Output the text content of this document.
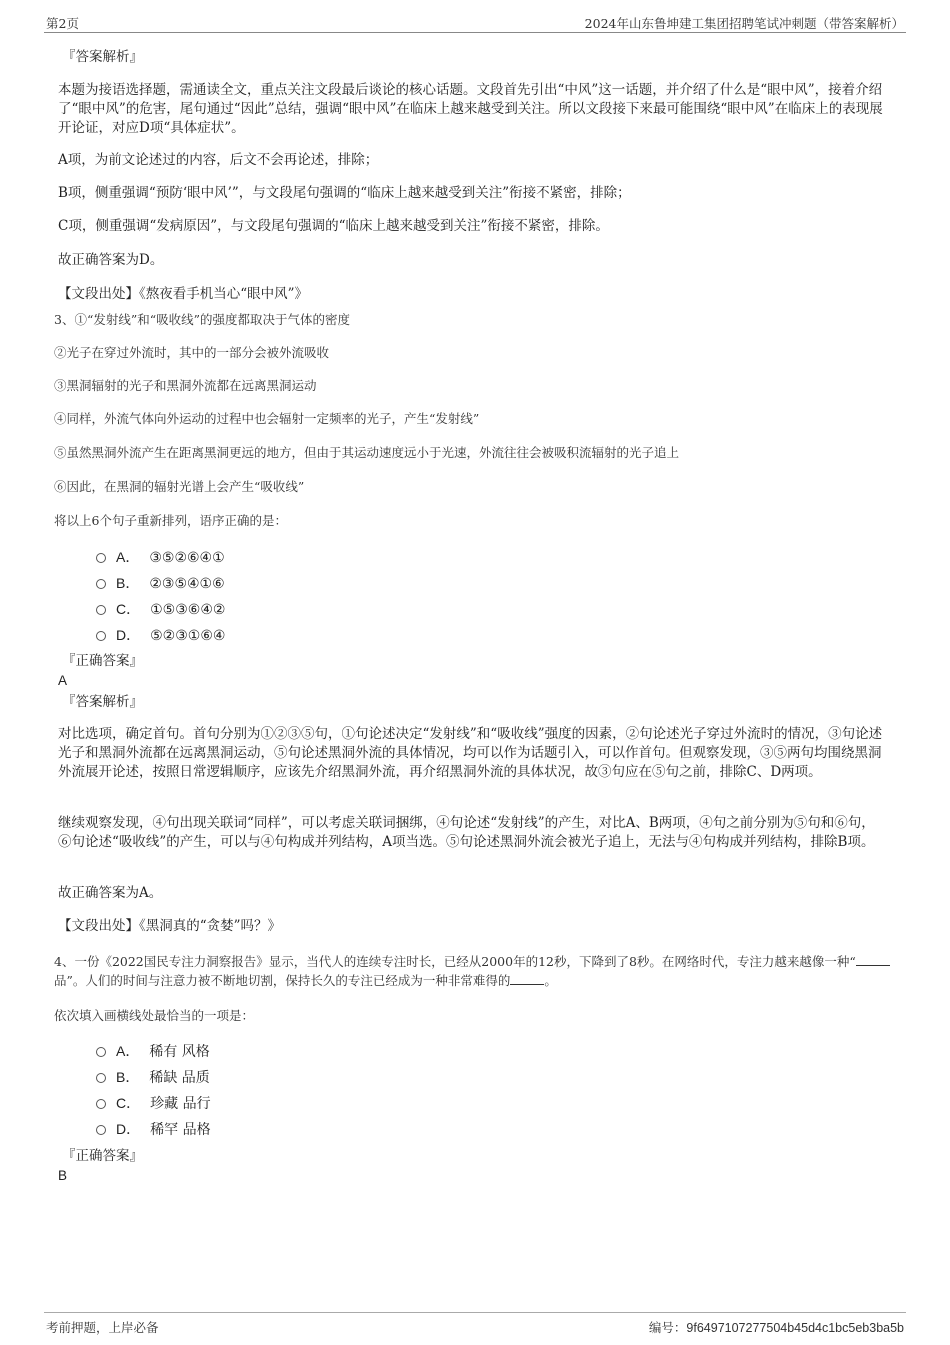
第2页	2024年山东鲁坤建工集团招聘笔试冲刺题（带答案解析）
『答案解析』
本题为接语选择题，需通读全文，重点关注文段最后谈论的核心话题。文段首先引出“中风”这一话题，并介绍了什么是“眼中风”，接着介绍了“眼中风”的危害，尾句通过“因此”总结，强调“眼中风”在临床上越来越受到关注。所以文段接下来最可能围绕“眼中风”在临床上的表现展开论证，对应D项“具体症状”。
A项，为前文论述过的内容，后文不会再论述，排除；
B项，侧重强调“预防‘眼中风’”，与文段尾句强调的“临床上越来越受到关注”衔接不紧密，排除；
C项，侧重强调“发病原因”，与文段尾句强调的“临床上越来越受到关注”衔接不紧密，排除。
故正确答案为D。
【文段出处】《熬夜看手机当心“眼中风”》
3、①“发射线”和“吸收线”的强度都取决于气体的密度
②光子在穿过外流时，其中的一部分会被外流吸收
③黑洞辐射的光子和黑洞外流都在远离黑洞运动
④同样，外流气体向外运动的过程中也会辐射一定频率的光子，产生“发射线”
⑤虽然黑洞外流产生在距离黑洞更远的地方，但由于其运动速度远小于光速，外流往往会被吸积流辐射的光子追上
⑥因此，在黑洞的辐射光谱上会产生“吸收线”
将以上6个句子重新排列，语序正确的是：
A． ③⑤②⑥④①
B． ②③⑤④①⑥
C． ①⑤③⑥④②
D． ⑤②③①⑥④
『正确答案』
A
『答案解析』
对比选项，确定首句。首句分别为①②③⑤句，①句论述决定“发射线”和“吸收线”强度的因素，②句论述光子穿过外流时的情况，③句论述光子和黑洞外流都在远离黑洞运动，⑤句论述黑洞外流的具体情况，均可以作为话题引入，可以作首句。但观察发现，③⑤两句均围绕黑洞外流展开论述，按照日常逻辑顺序，应该先介绍黑洞外流，再介绍黑洞外流的具体状况，故③句应在⑤句之前，排除C、D两项。
继续观察发现，④句出现关联词“同样”，可以考虑关联词捆绑，④句论述“发射线”的产生，对比A、B两项，④句之前分别为⑤句和⑥句，⑥句论述“吸收线”的产生，可以与④句构成并列结构，A项当选。⑤句论述黑洞外流会被光子追上，无法与④句构成并列结构，排除B项。
故正确答案为A。
【文段出处】《黑洞真的“贪婪”吗？》
4、一份《2022国民专注力洞察报告》显示，当代人的连续专注时长，已经从2000年的12秒，下降到了8秒。在网络时代，专注力越来越像一种“品”。人们的时间与注意力被不断地切割，保持长久的专注已经成为一种非常难得的	。
依次填入画横线处最恰当的一项是：
A． 稀有 风格
B． 稀缺 品质
C． 珍藏 品行
D． 稀罕 品格
『正确答案』
B
考前押题，上岸必备	编号：9f6497107277504b45d4c1bc5eb3ba5b
